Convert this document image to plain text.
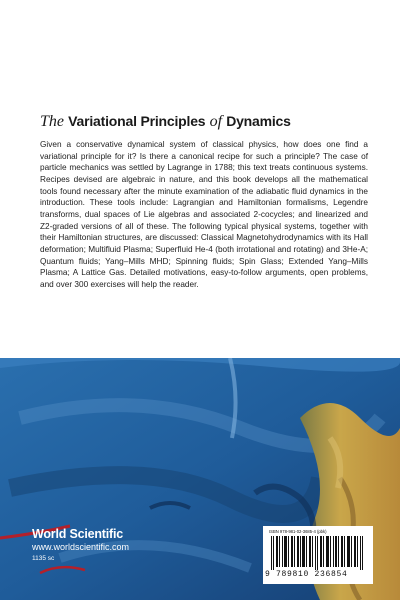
The Variational Principles of Dynamics

Given a conservative dynamical system of classical physics, how does one find a variational principle for it? Is there a canonical recipe for such a principle? The case of particle mechanics was settled by Lagrange in 1788; this text treats continuous systems. Recipes devised are algebraic in nature, and this book develops all the mathematical tools found necessary after the minute examination of the adiabatic fluid dynamics in the introduction. These tools include: Lagrangian and Hamiltonian formalisms, Legendre transforms, dual spaces of Lie algebras and associated 2-cocycles; and linearized and Z2-graded versions of all of these. The following typical physical systems, together with their Hamiltonian structures, are discussed: Classical Magnetohydrodynamics with its Hall deformation; Multifluid Plasma; Superfluid He-4 (both irrotational and rotating) and 3He-A; Quantum fluids; Yang–Mills MHD; Spinning fluids; Spin Glass; Extended Yang–Mills Plasma; A Lattice Gas. Detailed motivations, easy-to-follow arguments, open problems, and over 300 exercises will help the reader.

World Scientific
www.worldscientific.com
1135 sc
ISBN 978-981-02-3685-4 (pbk)
9 789810 236854
